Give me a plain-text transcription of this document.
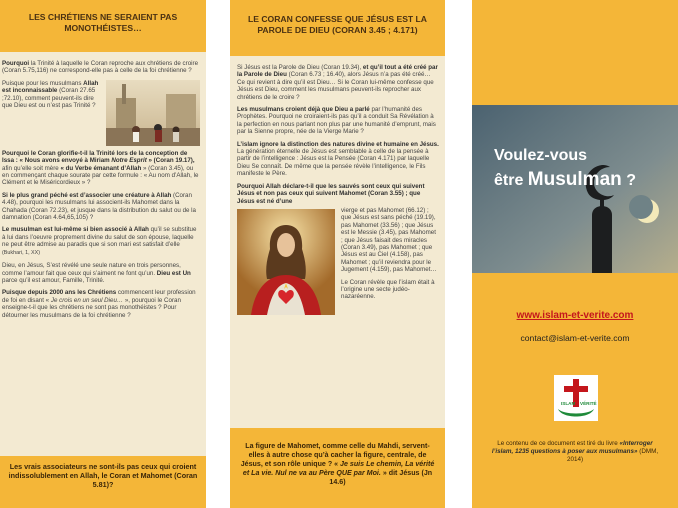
LES CHRÉTIENS NE SERAIENT PAS MONOTHÉISTES…

Pourquoi la Trinité à laquelle le Coran reproche aux chrétiens de croire (Coran 5.75,116) ne correspond-elle pas à celle de la foi chrétienne ?

Puisque pour les musulmans Allah est inconnaissable (Coran 27.65 ;72.10), comment peuvent-ils dire que Dieu est ou n’est pas Trinité ?

Pourquoi le Coran glorifie-t-il la Trinité lors de la conception de Issa : « Nous avons envoyé à Miriam Notre Esprit » (Coran 19.17), afin qu’elle soit mère « du Verbe émanant d’Allah » (Coran 3.45), ou en commençant chaque sourate par cette formule : « Au nom d’Allah, le Clément et le Miséricordieux » ?

Si le plus grand péché est d’associer une créature à Allah (Coran 4.48), pourquoi les musulmans lui associent-ils Mahomet dans la Chahada (Coran 72.23), et jusque dans la distribution du salut ou de la damnation (Coran 4.64,65,105) ?

Le musulman est lui-même si bien associé à Allah qu’il se substitue à lui dans l’oeuvre proprement divine du salut de son épouse, laquelle ne peut être admise au paradis que si son mari est satisfait d’elle (Bukhari, 1, XX)

Dieu, en Jésus, S’est révélé une seule nature en trois personnes, comme l’amour fait que ceux qui s’aiment ne font qu’un. Dieu est Un parce qu’il est amour, Famille, Trinité.

Puisque depuis 2000 ans les Chrétiens commencent leur profession de foi en disant « Je crois en un seul Dieu… », pourquoi le Coran enseigne-t-il que les chrétiens ne sont pas monothéistes ? Pour détourner les musulmans de la foi chrétienne ?

Les vrais associateurs ne sont-ils pas ceux qui croient indissolublement en Allah, le Coran et Mahomet (Coran 5.81)?
LE CORAN CONFESSE QUE JÉSUS EST LA PAROLE DE DIEU (CORAN 3.45 ; 4.171)

Si Jésus est la Parole de Dieu (Coran 19.34), et qu’il tout a été créé par la Parole de Dieu (Coran 6.73 ; 16.40), alors Jésus n’a pas été créé… Ce qui revient à dire qu’il est Dieu… Si le Coran lui-même confesse que Jésus est Dieu, comment les musulmans peuvent-ils reprocher aux chrétiens de le croire ?

Les musulmans croient déjà que Dieu a parlé par l’humanité des Prophètes. Pourquoi ne croiraient-ils pas qu’il a conduit Sa Révélation à la perfection en nous parlant non plus par une humanité d’emprunt, mais par la Sienne propre, née de la Vierge Marie ?

L’islam ignore la distinction des natures divine et humaine en Jésus. La génération éternelle de Jésus est semblable à celle de la pensée à partir de l’intelligence : Jésus est la Pensée (Coran 4.171) par laquelle Dieu Se connaît. De même que la pensée révèle l’intelligence, le Fils manifeste le Père.

Pourquoi Allah déclare-t-il que les sauvés sont ceux qui suivent Jésus et non pas ceux qui suivent Mahomet (Coran 3.55) ; que Jésus est né d’une

vierge et pas Mahomet (66.12) ; que Jésus est sans péché (19.19), pas Mahomet (33.56) ; que Jésus est le Messie (3.45), pas Mahomet ; que Jésus faisait des miracles (Coran 3.49), pas Mahomet ; que Jésus est au Ciel (4.158), pas Mahomet ; qu’il reviendra pour le Jugement (4.159), pas Mahomet…

Le Coran révèle que l’islam était à l’origine une secte judéo-nazaréenne.

La figure de Mahomet, comme celle du Mahdi, servent-elles à autre chose qu’à cacher la figure, centrale, de Jésus, et son rôle unique ? « Je suis Le chemin, La vérité et La vie. Nul ne va au Père QUE par Moi. » dit Jésus (Jn 14.6)
Voulez-vous
être Musulman ?
www.islam-et-verite.com
contact@islam-et-verite.com
ISLAM VÉRITÉ
Le contenu de ce document est tiré du livre «Interroger l’islam, 1235 questions à poser aux musulmans» (DMM, 2014)
